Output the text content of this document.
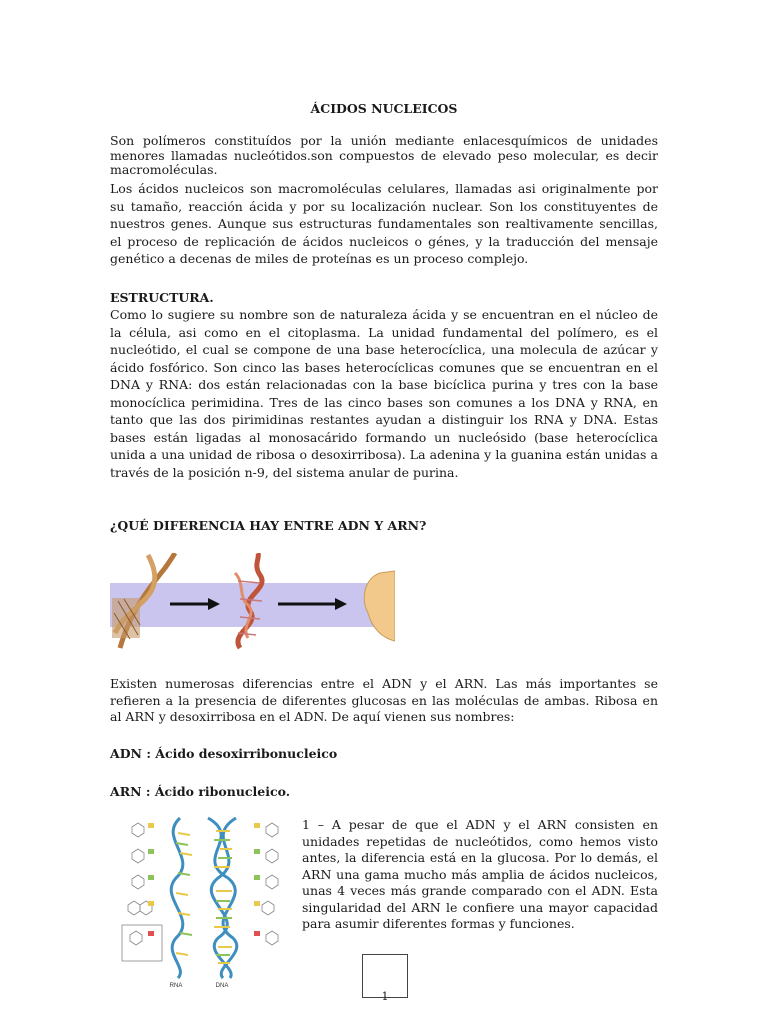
ÁCIDOS NUCLEICOS

Son polímeros constituídos por la unión mediante enlacesquímicos de unidades menores llamadas nucleótidos.son compuestos de elevado peso molecular, es decir macromoléculas.

Los ácidos nucleicos son macromoléculas celulares, llamadas asi originalmente por su tamaño, reacción ácida y por su localización nuclear. Son los constituyentes de nuestros genes. Aunque sus estructuras fundamentales son realtivamente sencillas, el proceso de replicación de ácidos nucleicos o génes, y la traducción del mensaje genético a decenas de miles de proteínas es un proceso complejo.

ESTRUCTURA.

Como lo sugiere su nombre son de naturaleza ácida y se encuentran en el núcleo de la célula, asi como en el citoplasma. La unidad fundamental del polímero, es el nucleótido, el cual se compone de una base heterocíclica, una molecula de azúcar y ácido fosfórico. Son cinco las bases heterocíclicas comunes que se encuentran en el DNA y RNA: dos están relacionadas con la base bicíclica purina y tres con la base monocíclica perimidina. Tres de las cinco bases son comunes a los DNA y RNA, en tanto que las dos pirimidinas restantes ayudan a distinguir los RNA y DNA. Estas bases están ligadas al monosacárido formando un nucleósido (base heterocíclica unida a una unidad de ribosa o desoxirribosa). La adenina y la guanina están unidas a través de la posición n-9, del sistema anular de purina.

¿QUÉ DIFERENCIA HAY ENTRE ADN Y ARN?

Existen numerosas diferencias entre el ADN y el ARN. Las más importantes se refieren a la presencia de diferentes glucosas en las moléculas de ambas. Ribosa en al ARN y desoxirribosa en el ADN. De aquí vienen sus nombres:

ADN : Ácido desoxirribonucleico
ARN : Ácido ribonucleico.
RNA	DNA

1 – A pesar de que el ADN y el ARN consisten en unidades repetidas de nucleótidos, como hemos visto antes, la diferencia está en la glucosa. Por lo demás, el ARN una gama mucho más amplia de ácidos nucleicos, unas 4 veces más grande comparado con el ADN. Esta singularidad del ARN le confiere una mayor capacidad para asumir diferentes formas y funciones.

1
